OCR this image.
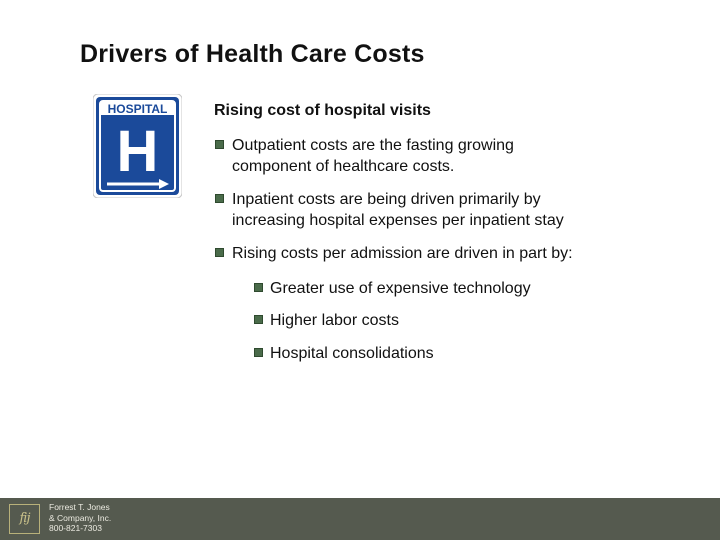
Drivers of Health Care Costs
HOSPITAL
H

Rising cost of hospital visits

Outpatient costs are the fasting growing
component of healthcare costs.
Inpatient costs are being driven primarily by
increasing hospital expenses per inpatient stay
Rising costs per admission are driven in part by:
Greater use of expensive technology
Higher labor costs
Hospital consolidations
fij
Forrest T. Jones
& Company, Inc.
800-821-7303
